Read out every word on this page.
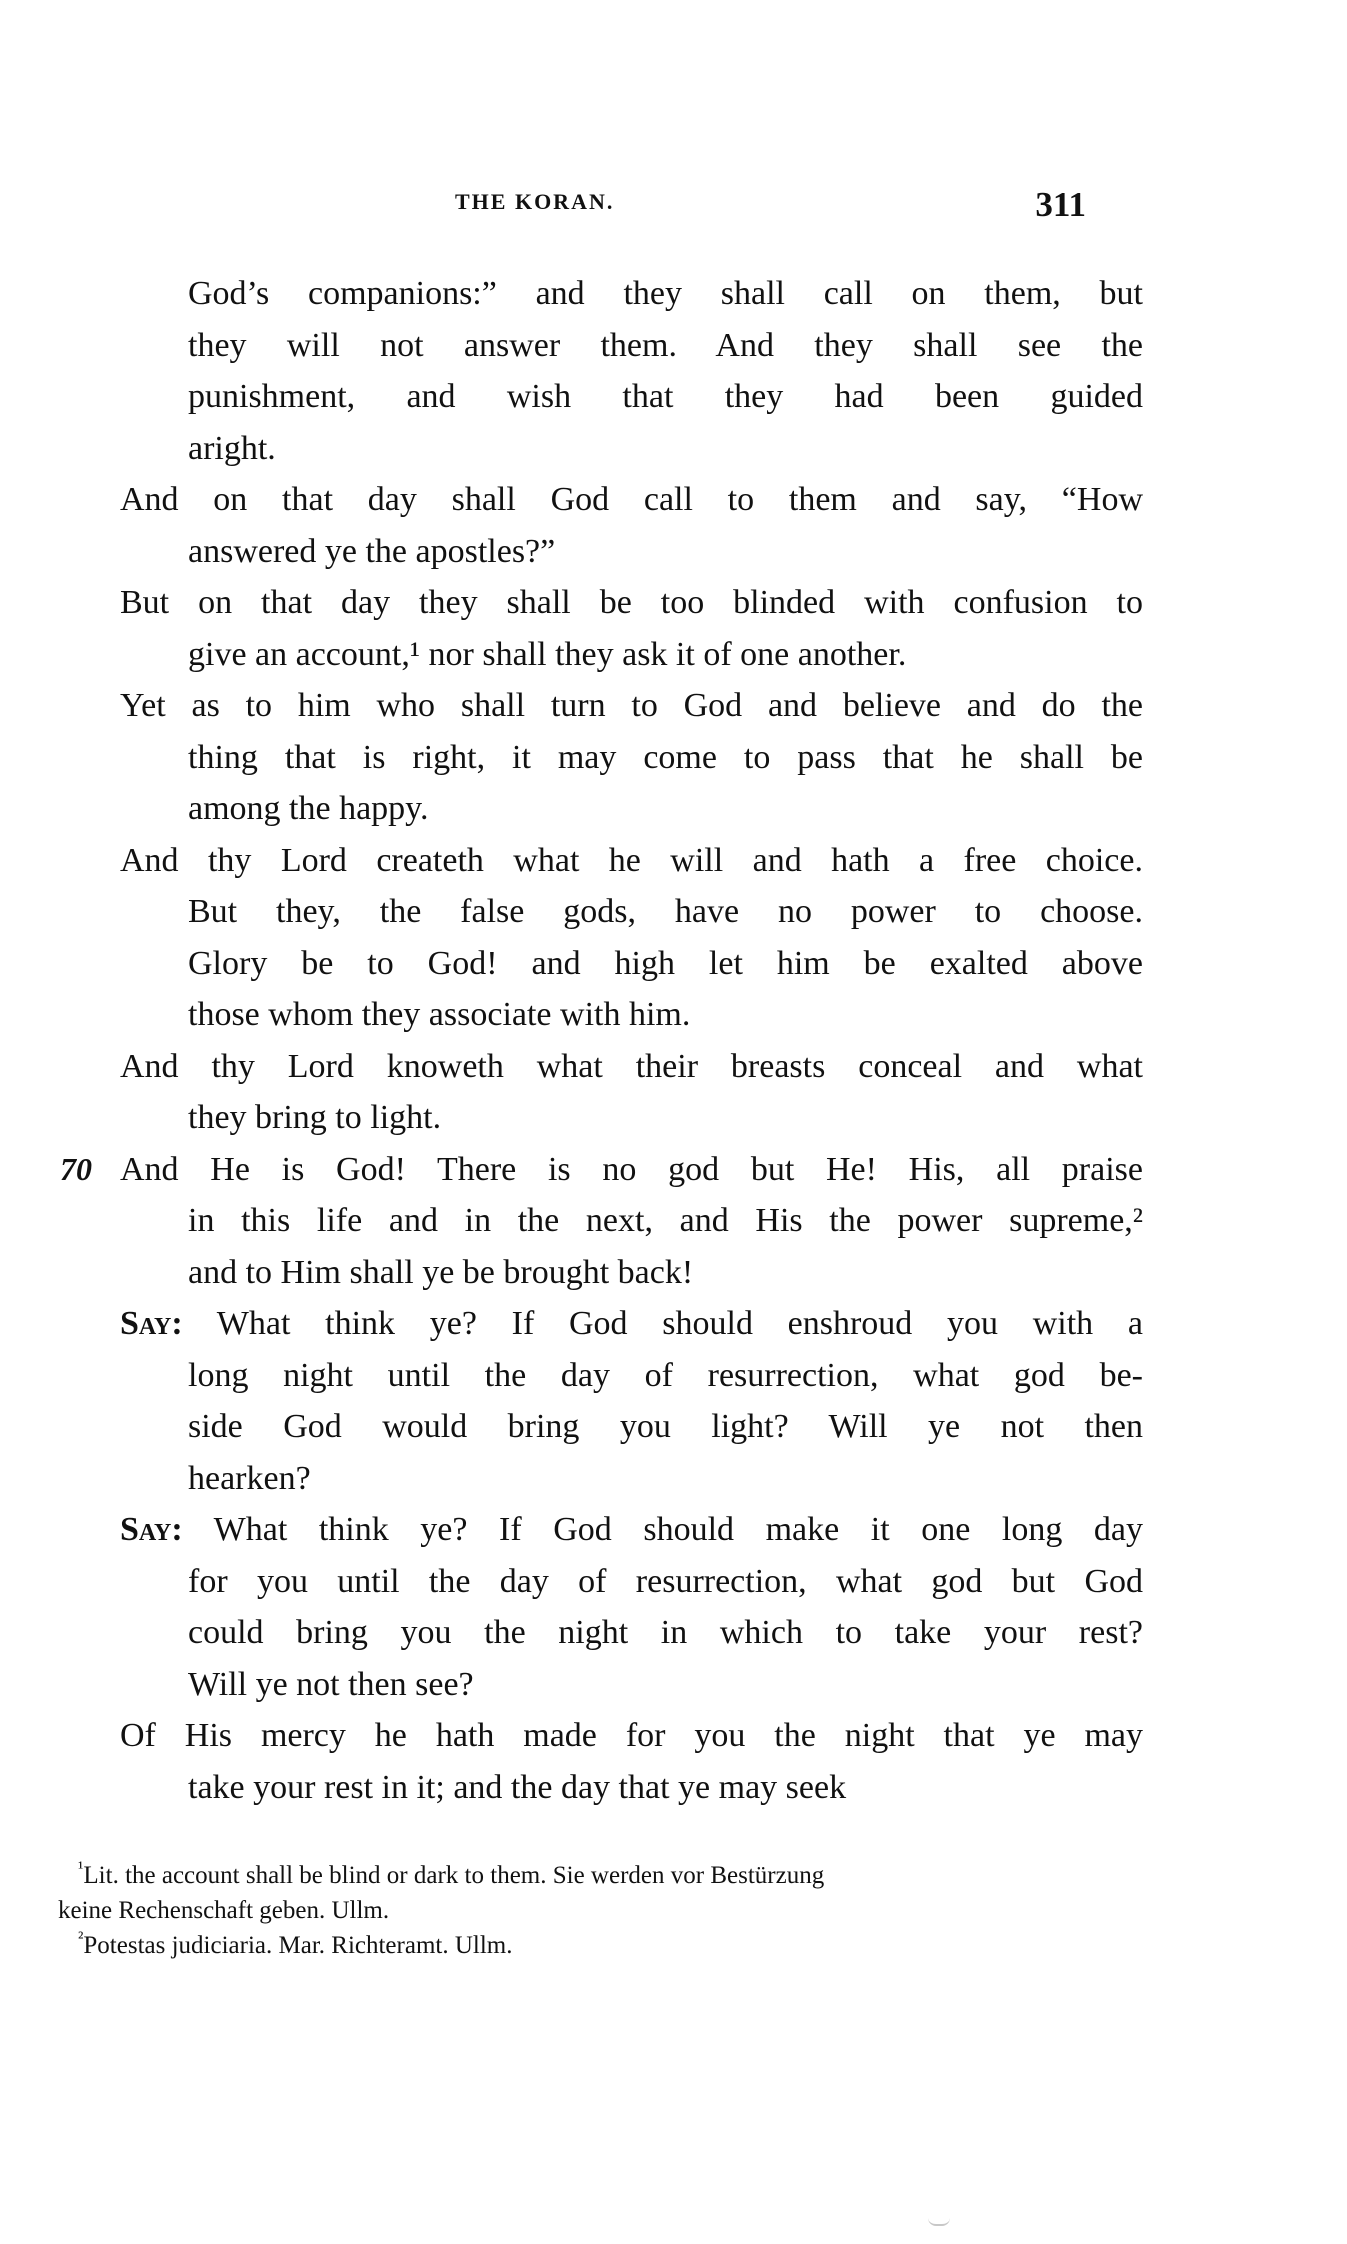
THE KORAN.	311
God’s companions:” and they shall call on them, but
they will not answer them. And they shall see the
punishment, and wish that they had been guided
aright.
And on that day shall God call to them and say, “How
answered ye the apostles?”
But on that day they shall be too blinded with confusion to
give an account,¹ nor shall they ask it of one another.
Yet as to him who shall turn to God and believe and do the
thing that is right, it may come to pass that he shall be
among the happy.
And thy Lord createth what he will and hath a free choice.
But they, the false gods, have no power to choose.
Glory be to God! and high let him be exalted above
those whom they associate with him.
And thy Lord knoweth what their breasts conceal and what
they bring to light.
70 And He is God! There is no god but He! His, all praise
in this life and in the next, and His the power supreme,²
and to Him shall ye be brought back!
Say: What think ye? If God should enshroud you with a
long night until the day of resurrection, what god be-
side God would bring you light? Will ye not then
hearken?
Say: What think ye? If God should make it one long day
for you until the day of resurrection, what god but God
could bring you the night in which to take your rest?
Will ye not then see?
Of His mercy he hath made for you the night that ye may
take your rest in it; and the day that ye may seek
$^{^1}$Lit. the account shall be blind or dark to them. Sie werden vor Bestürzung
keine Rechenschaft geben. Ullm.
$^{^2}$Potestas judiciaria. Mar. Richteramt. Ullm.
